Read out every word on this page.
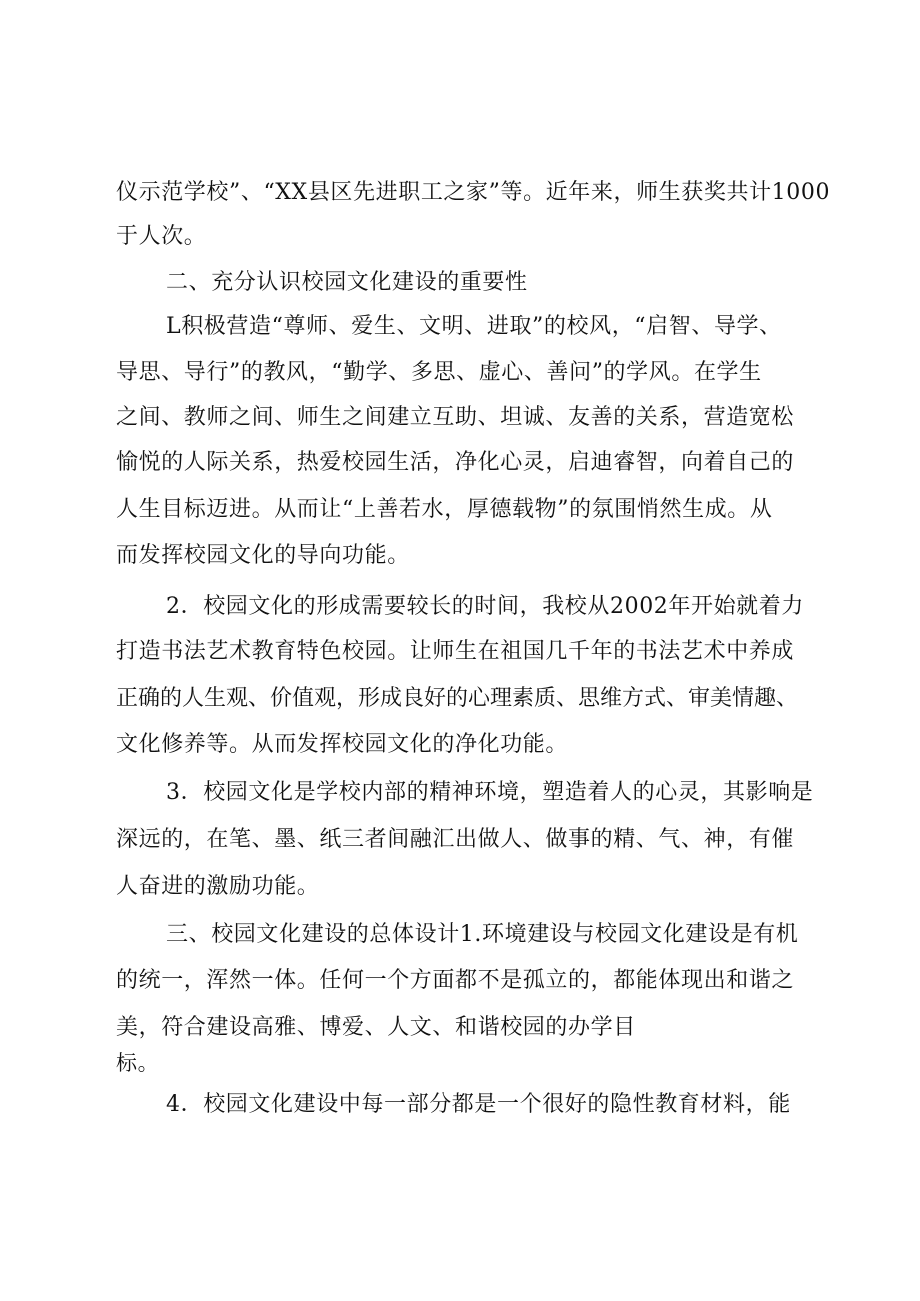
仪示范学校”、“XX县区先进职工之家”等。近年来，师生获奖共计1000
于人次。
二、充分认识校园文化建设的重要性
L积极营造“尊师、爱生、文明、进取”的校风，“启智、导学、
导思、导行”的教风，“勤学、多思、虚心、善问”的学风。在学生
之间、教师之间、师生之间建立互助、坦诚、友善的关系，营造宽松
愉悦的人际关系，热爱校园生活，净化心灵，启迪睿智，向着自己的
人生目标迈进。从而让“上善若水，厚德载物”的氛围悄然生成。从
而发挥校园文化的导向功能。
2．校园文化的形成需要较长的时间，我校从2002年开始就着力
打造书法艺术教育特色校园。让师生在祖国几千年的书法艺术中养成
正确的人生观、价值观，形成良好的心理素质、思维方式、审美情趣、
文化修养等。从而发挥校园文化的净化功能。
3．校园文化是学校内部的精神环境，塑造着人的心灵，其影响是
深远的，在笔、墨、纸三者间融汇出做人、做事的精、气、神，有催
人奋进的激励功能。
三、校园文化建设的总体设计1.环境建设与校园文化建设是有机
的统一，浑然一体。任何一个方面都不是孤立的，都能体现出和谐之
美，符合建设高雅、博爱、人文、和谐校园的办学目
标。
4．校园文化建设中每一部分都是一个很好的隐性教育材料，能
